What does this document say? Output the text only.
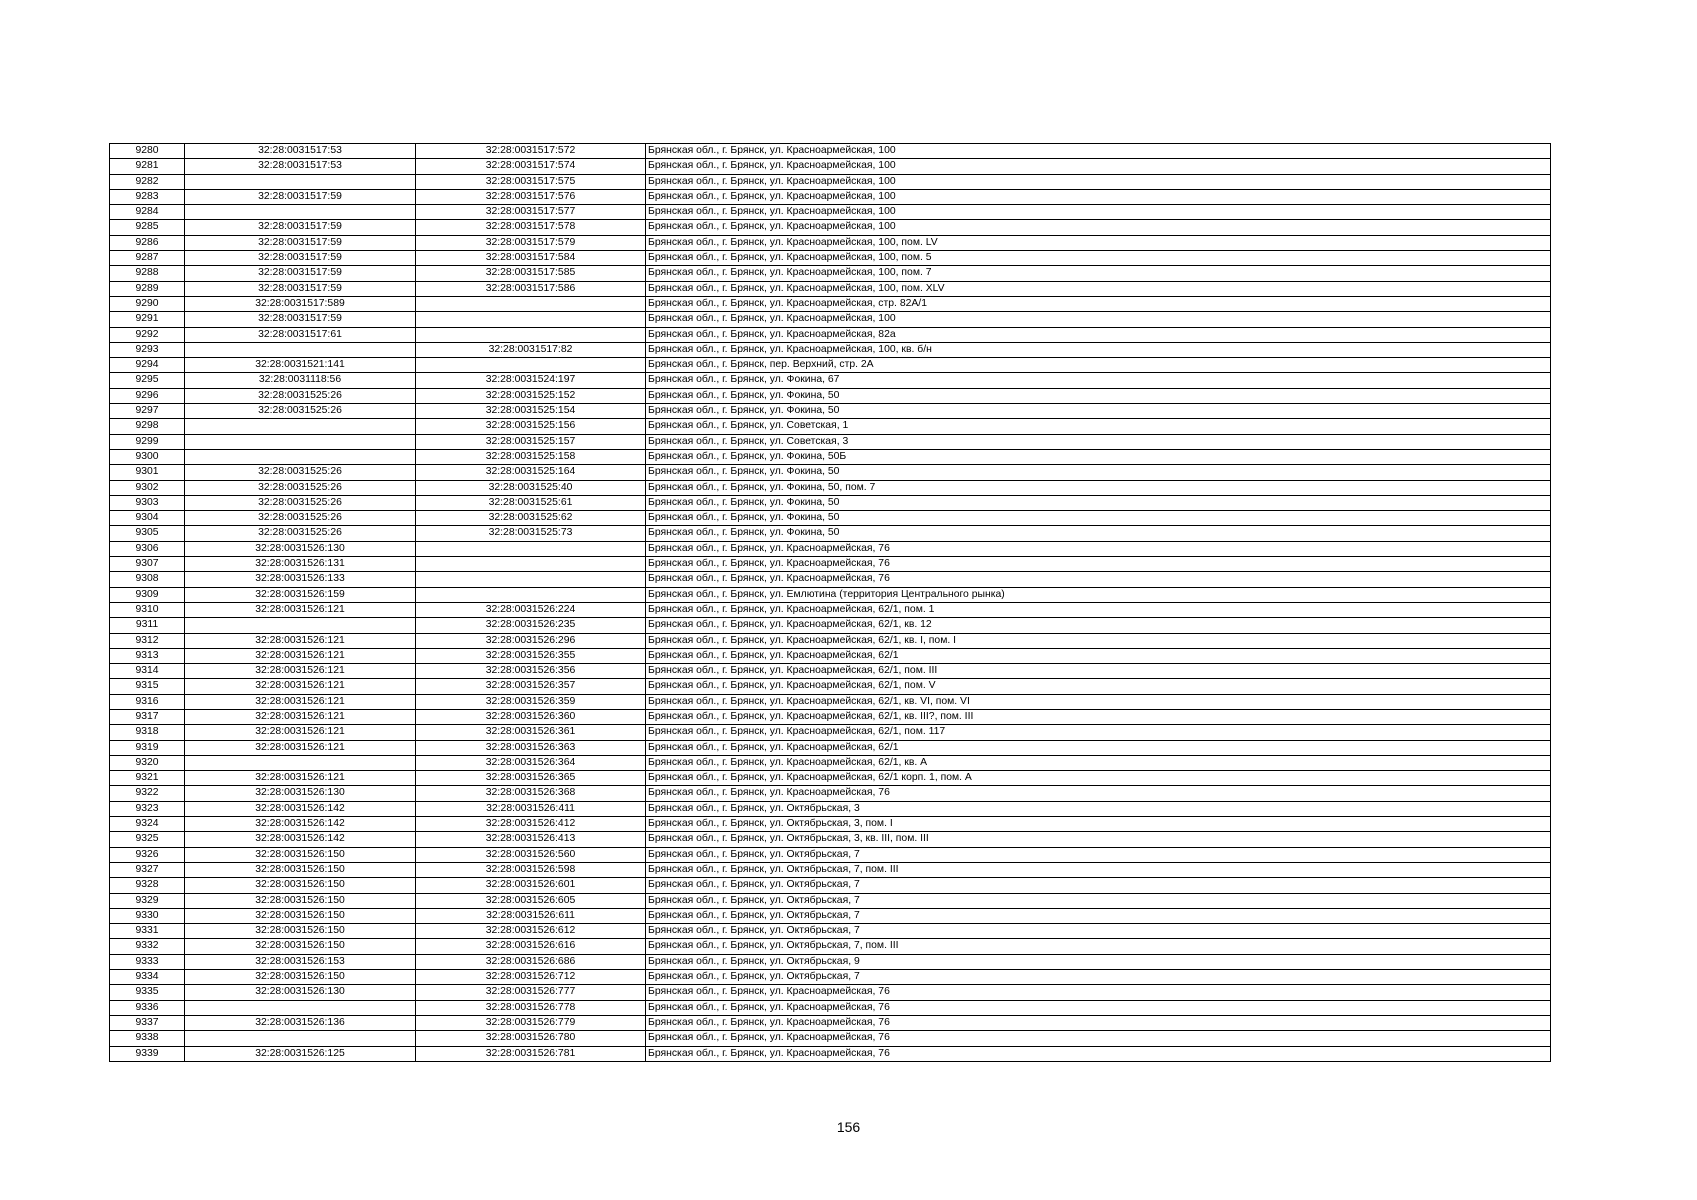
9280	32:28:0031517:53	32:28:0031517:572	Брянская обл., г. Брянск, ул. Красноармейская, 100
9281	32:28:0031517:53	32:28:0031517:574	Брянская обл., г. Брянск, ул. Красноармейская, 100
9282		32:28:0031517:575	Брянская обл., г. Брянск, ул. Красноармейская, 100
9283	32:28:0031517:59	32:28:0031517:576	Брянская обл., г. Брянск, ул. Красноармейская, 100
9284		32:28:0031517:577	Брянская обл., г. Брянск, ул. Красноармейская, 100
9285	32:28:0031517:59	32:28:0031517:578	Брянская обл., г. Брянск, ул. Красноармейская, 100
9286	32:28:0031517:59	32:28:0031517:579	Брянская обл., г. Брянск, ул. Красноармейская, 100, пом. LV
9287	32:28:0031517:59	32:28:0031517:584	Брянская обл., г. Брянск, ул. Красноармейская, 100, пом. 5
9288	32:28:0031517:59	32:28:0031517:585	Брянская обл., г. Брянск, ул. Красноармейская, 100, пом. 7
9289	32:28:0031517:59	32:28:0031517:586	Брянская обл., г. Брянск, ул. Красноармейская, 100, пом. XLV
9290	32:28:0031517:589		Брянская обл., г. Брянск, ул. Красноармейская, стр. 82А/1
9291	32:28:0031517:59		Брянская обл., г. Брянск, ул. Красноармейская, 100
9292	32:28:0031517:61		Брянская обл., г. Брянск, ул. Красноармейская, 82а
9293		32:28:0031517:82	Брянская обл., г. Брянск, ул. Красноармейская, 100, кв. б/н
9294	32:28:0031521:141		Брянская обл., г. Брянск, пер. Верхний, стр. 2А
9295	32:28:0031118:56	32:28:0031524:197	Брянская обл., г. Брянск, ул. Фокина, 67
9296	32:28:0031525:26	32:28:0031525:152	Брянская обл., г. Брянск, ул. Фокина, 50
9297	32:28:0031525:26	32:28:0031525:154	Брянская обл., г. Брянск, ул. Фокина, 50
9298		32:28:0031525:156	Брянская обл., г. Брянск, ул. Советская, 1
9299		32:28:0031525:157	Брянская обл., г. Брянск, ул. Советская, 3
9300		32:28:0031525:158	Брянская обл., г. Брянск, ул. Фокина, 50Б
9301	32:28:0031525:26	32:28:0031525:164	Брянская обл., г. Брянск, ул. Фокина, 50
9302	32:28:0031525:26	32:28:0031525:40	Брянская обл., г. Брянск, ул. Фокина, 50, пом. 7
9303	32:28:0031525:26	32:28:0031525:61	Брянская обл., г. Брянск, ул. Фокина, 50
9304	32:28:0031525:26	32:28:0031525:62	Брянская обл., г. Брянск, ул. Фокина, 50
9305	32:28:0031525:26	32:28:0031525:73	Брянская обл., г. Брянск, ул. Фокина, 50
9306	32:28:0031526:130		Брянская обл., г. Брянск, ул. Красноармейская, 76
9307	32:28:0031526:131		Брянская обл., г. Брянск, ул. Красноармейская, 76
9308	32:28:0031526:133		Брянская обл., г. Брянск, ул. Красноармейская, 76
9309	32:28:0031526:159		Брянская обл., г. Брянск, ул. Емлютина (территория Центрального рынка)
9310	32:28:0031526:121	32:28:0031526:224	Брянская обл., г. Брянск, ул. Красноармейская, 62/1, пом. 1
9311		32:28:0031526:235	Брянская обл., г. Брянск, ул. Красноармейская, 62/1, кв. 12
9312	32:28:0031526:121	32:28:0031526:296	Брянская обл., г. Брянск, ул. Красноармейская, 62/1, кв. I, пом. I
9313	32:28:0031526:121	32:28:0031526:355	Брянская обл., г. Брянск, ул. Красноармейская, 62/1
9314	32:28:0031526:121	32:28:0031526:356	Брянская обл., г. Брянск, ул. Красноармейская, 62/1, пом. III
9315	32:28:0031526:121	32:28:0031526:357	Брянская обл., г. Брянск, ул. Красноармейская, 62/1, пом. V
9316	32:28:0031526:121	32:28:0031526:359	Брянская обл., г. Брянск, ул. Красноармейская, 62/1, кв. VI, пом. VI
9317	32:28:0031526:121	32:28:0031526:360	Брянская обл., г. Брянск, ул. Красноармейская, 62/1, кв. III?, пом. III
9318	32:28:0031526:121	32:28:0031526:361	Брянская обл., г. Брянск, ул. Красноармейская, 62/1, пом. 117
9319	32:28:0031526:121	32:28:0031526:363	Брянская обл., г. Брянск, ул. Красноармейская, 62/1
9320		32:28:0031526:364	Брянская обл., г. Брянск, ул. Красноармейская, 62/1, кв. А
9321	32:28:0031526:121	32:28:0031526:365	Брянская обл., г. Брянск, ул. Красноармейская, 62/1 корп. 1, пом. А
9322	32:28:0031526:130	32:28:0031526:368	Брянская обл., г. Брянск, ул. Красноармейская, 76
9323	32:28:0031526:142	32:28:0031526:411	Брянская обл., г. Брянск, ул. Октябрьская, 3
9324	32:28:0031526:142	32:28:0031526:412	Брянская обл., г. Брянск, ул. Октябрьская, 3, пом. I
9325	32:28:0031526:142	32:28:0031526:413	Брянская обл., г. Брянск, ул. Октябрьская, 3, кв. III, пом. III
9326	32:28:0031526:150	32:28:0031526:560	Брянская обл., г. Брянск, ул. Октябрьская, 7
9327	32:28:0031526:150	32:28:0031526:598	Брянская обл., г. Брянск, ул. Октябрьская, 7, пом. III
9328	32:28:0031526:150	32:28:0031526:601	Брянская обл., г. Брянск, ул. Октябрьская, 7
9329	32:28:0031526:150	32:28:0031526:605	Брянская обл., г. Брянск, ул. Октябрьская, 7
9330	32:28:0031526:150	32:28:0031526:611	Брянская обл., г. Брянск, ул. Октябрьская, 7
9331	32:28:0031526:150	32:28:0031526:612	Брянская обл., г. Брянск, ул. Октябрьская, 7
9332	32:28:0031526:150	32:28:0031526:616	Брянская обл., г. Брянск, ул. Октябрьская, 7, пом. III
9333	32:28:0031526:153	32:28:0031526:686	Брянская обл., г. Брянск, ул. Октябрьская, 9
9334	32:28:0031526:150	32:28:0031526:712	Брянская обл., г. Брянск, ул. Октябрьская, 7
9335	32:28:0031526:130	32:28:0031526:777	Брянская обл., г. Брянск, ул. Красноармейская, 76
9336		32:28:0031526:778	Брянская обл., г. Брянск, ул. Красноармейская, 76
9337	32:28:0031526:136	32:28:0031526:779	Брянская обл., г. Брянск, ул. Красноармейская, 76
9338		32:28:0031526:780	Брянская обл., г. Брянск, ул. Красноармейская, 76
9339	32:28:0031526:125	32:28:0031526:781	Брянская обл., г. Брянск, ул. Красноармейская, 76
156
